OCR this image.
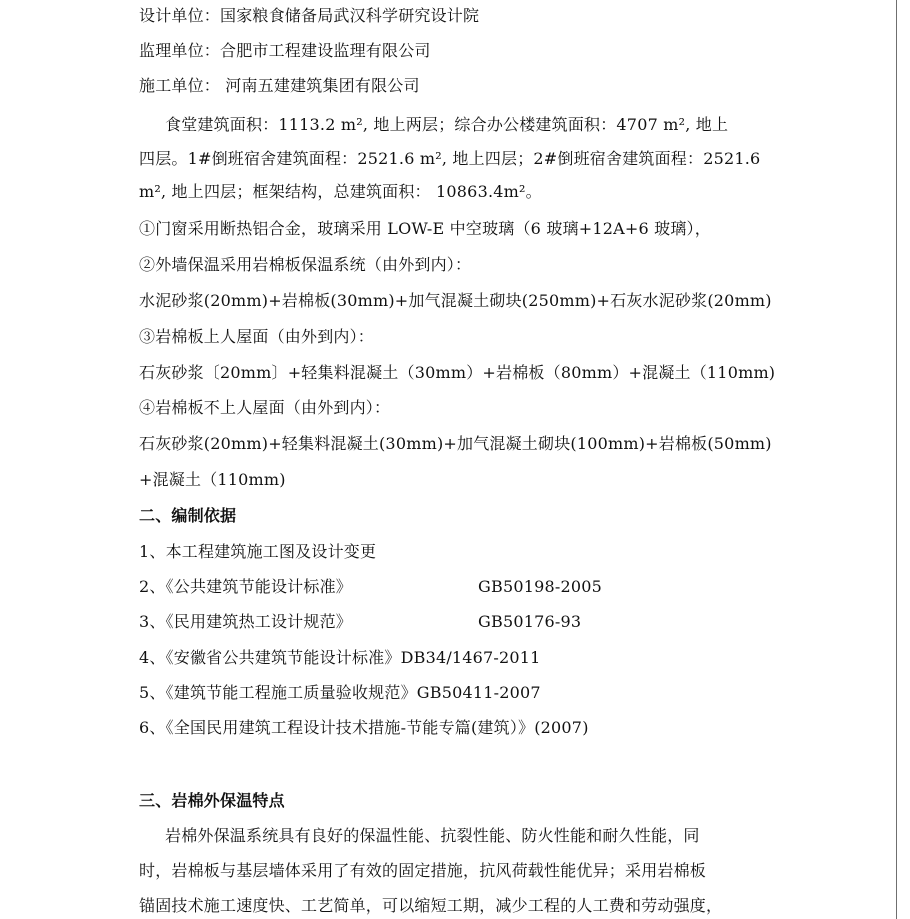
设计单位：国家粮食储备局武汉科学研究设计院
监理单位：合肥市工程建设监理有限公司
施工单位： 河南五建建筑集团有限公司
食堂建筑面积：1113.2 m², 地上两层；综合办公楼建筑面积：4707 m², 地上
四层。1#倒班宿舍建筑面程：2521.6 m², 地上四层；2#倒班宿舍建筑面程：2521.6
m², 地上四层；框架结构，总建筑面积： 10863.4m²。
①门窗采用断热铝合金，玻璃采用 LOW-E 中空玻璃（6 玻璃+12A+6 玻璃），
②外墙保温采用岩棉板保温系统（由外到内）：
水泥砂浆(20mm)+岩棉板(30mm)+加气混凝土砌块(250mm)+石灰水泥砂浆(20mm)
③岩棉板上人屋面（由外到内）：
石灰砂浆〔20mm〕+轻集料混凝土（30mm）+岩棉板（80mm）+混凝土（110mm)
④岩棉板不上人屋面（由外到内）：
石灰砂浆(20mm)+轻集料混凝土(30mm)+加气混凝土砌块(100mm)+岩棉板(50mm)
+混凝土（110mm)
二、编制依据
1、本工程建筑施工图及设计变更
2、《公共建筑节能设计标准》	GB50198-2005
3、《民用建筑热工设计规范》	GB50176-93
4、《安徽省公共建筑节能设计标准》DB34/1467-2011
5、《建筑节能工程施工质量验收规范》GB50411-2007
6、《全国民用建筑工程设计技术措施-节能专篇(建筑）》(2007)
三、岩棉外保温特点
岩棉外保温系统具有良好的保温性能、抗裂性能、防火性能和耐久性能，同
时，岩棉板与基层墙体采用了有效的固定措施，抗风荷载性能优异；采用岩棉板
锚固技术施工速度快、工艺简单，可以缩短工期，减少工程的人工费和劳动强度，
